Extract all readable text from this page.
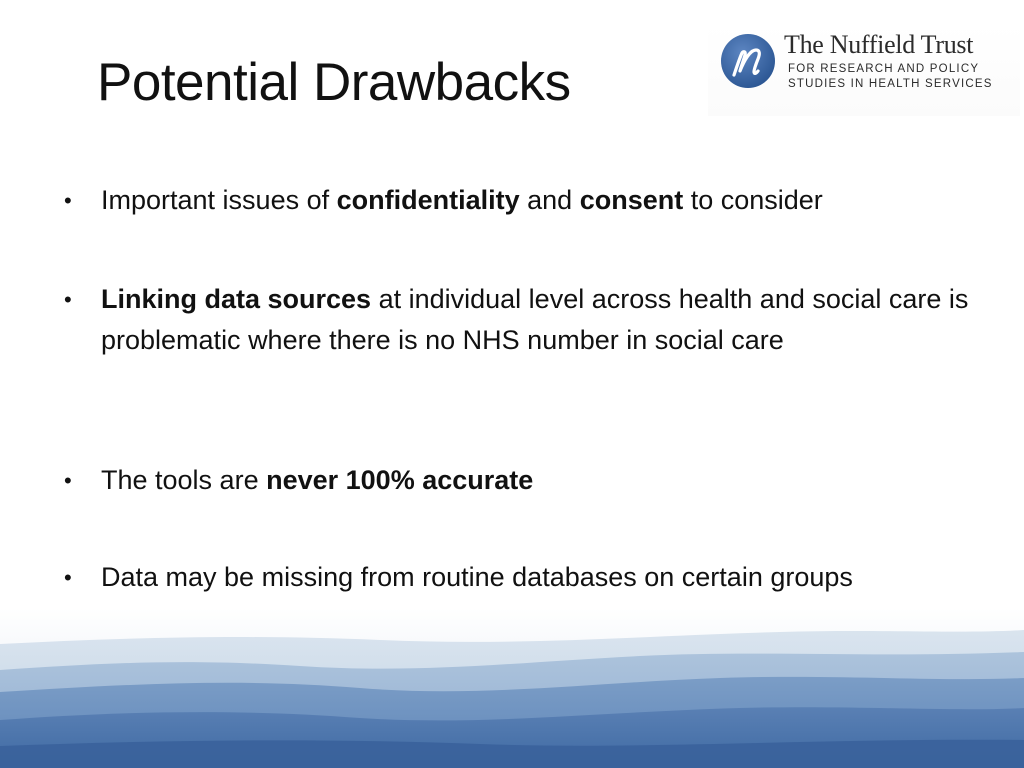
Potential Drawbacks
The Nuffield Trust
FOR RESEARCH AND POLICY
STUDIES IN HEALTH SERVICES

• Important issues of confidentiality and consent to consider

• Linking data sources at individual level across health and social care is problematic where there is no NHS number in social care

• The tools are never 100% accurate

• Data may be missing from routine databases on certain groups
